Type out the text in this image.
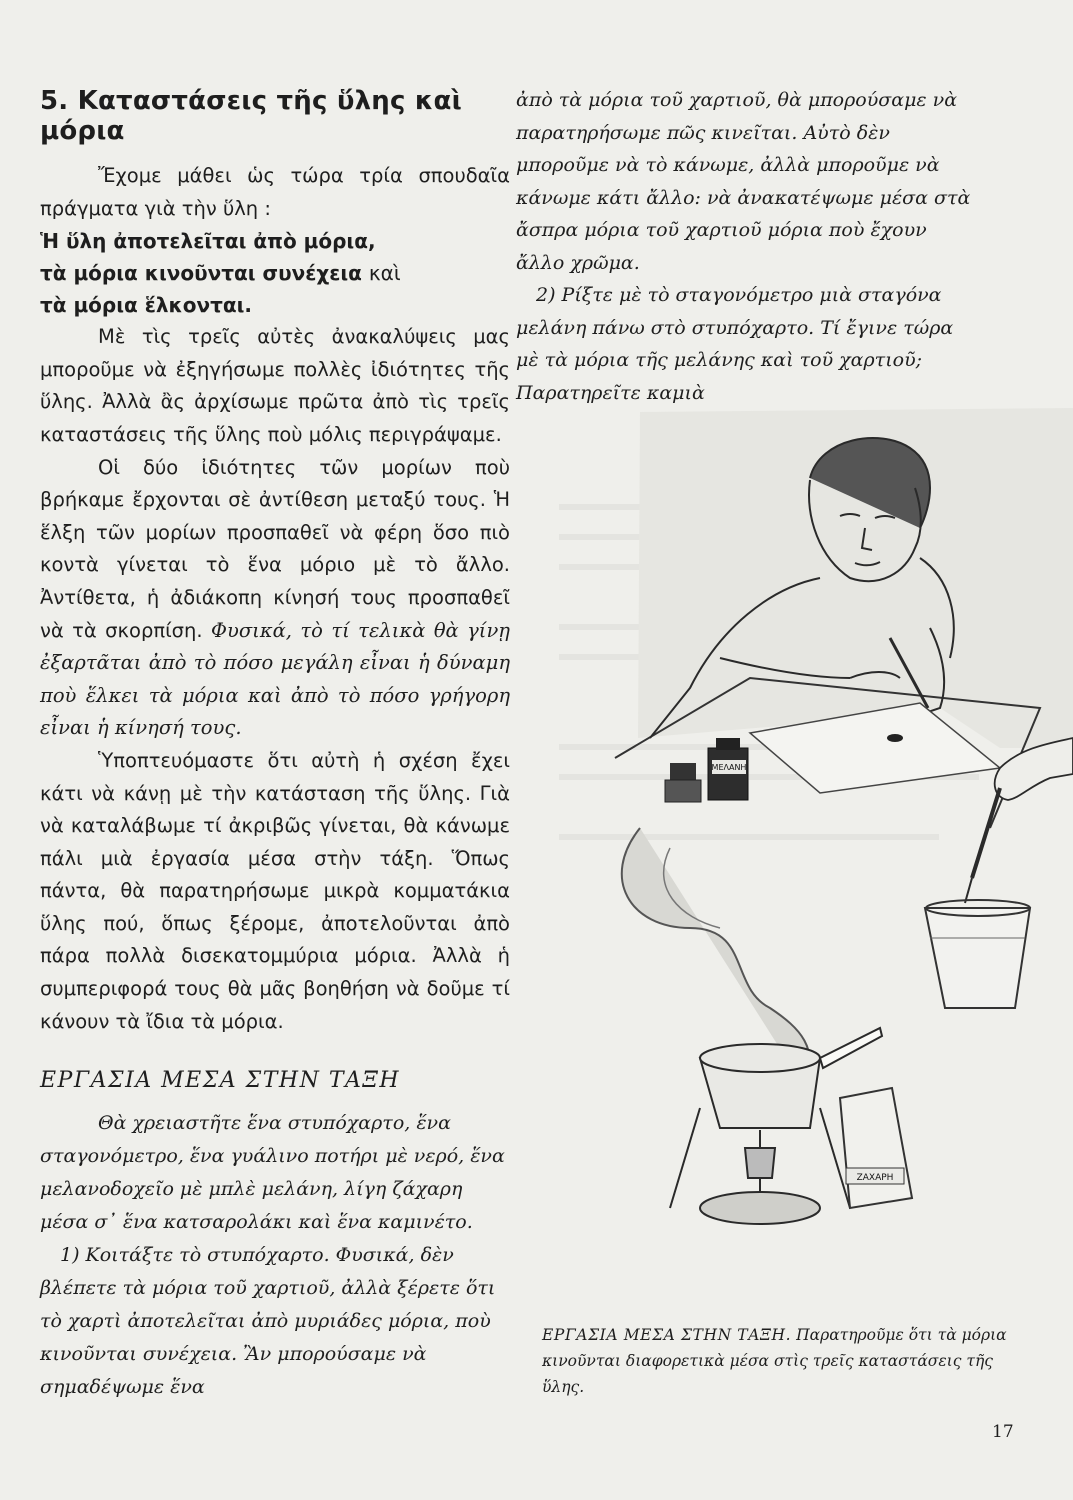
5. Καταστάσεις τῆς ὕλης καὶ μόρια

Ἔχομε μάθει ὡς τώρα τρία σπουδαῖα πράγματα γιὰ τὴν ὕλη :

Ἡ ὕλη ἀποτελεῖται ἀπὸ μόρια,

τὰ μόρια κινοῦνται συνέχεια καὶ

τὰ μόρια ἕλκονται.

Μὲ τὶς τρεῖς αὐτὲς ἀνακαλύψεις μας μποροῦμε νὰ ἐξηγήσωμε πολλὲς ἰδιότητες τῆς ὕλης. Ἀλλὰ ἂς ἀρχίσωμε πρῶτα ἀπὸ τὶς τρεῖς καταστάσεις τῆς ὕλης ποὺ μόλις περιγράψαμε.

Οἱ δύο ἰδιότητες τῶν μορίων ποὺ βρήκαμε ἔρχονται σὲ ἀντίθεση μεταξύ τους. Ἡ ἕλξη τῶν μορίων προσπαθεῖ νὰ φέρη ὅσο πιὸ κοντὰ γίνεται τὸ ἕνα μόριο μὲ τὸ ἄλλο. Ἀντίθετα, ἡ ἀδιάκοπη κίνησή τους προσπαθεῖ νὰ τὰ σκορπίση. Φυσικά, τὸ τί τελικὰ θὰ γίνῃ ἐξαρτᾶται ἀπὸ τὸ πόσο μεγάλη εἶναι ἡ δύναμη ποὺ ἕλκει τὰ μόρια καὶ ἀπὸ τὸ πόσο γρήγορη εἶναι ἡ κίνησή τους.

Ὑποπτευόμαστε ὅτι αὐτὴ ἡ σχέση ἔχει κάτι νὰ κάνῃ μὲ τὴν κατάσταση τῆς ὕλης. Γιὰ νὰ καταλάβωμε τί ἀκριβῶς γίνεται, θὰ κάνωμε πάλι μιὰ ἐργασία μέσα στὴν τάξη. Ὅπως πάντα, θὰ παρατηρήσωμε μικρὰ κομματάκια ὕλης πού, ὅπως ξέρομε, ἀποτελοῦνται ἀπὸ πάρα πολλὰ δισεκατομμύρια μόρια. Ἀλλὰ ἡ συμπεριφορά τους θὰ μᾶς βοηθήση νὰ δοῦμε τί κάνουν τὰ ἴδια τὰ μόρια.

ΕΡΓΑΣΙΑ ΜΕΣΑ ΣΤΗΝ ΤΑΞΗ

Θὰ χρειαστῆτε ἕνα στυπόχαρτο, ἕνα σταγονόμετρο, ἕνα γυάλινο ποτήρι μὲ νερό, ἕνα μελανοδοχεῖο μὲ μπλὲ μελάνη, λίγη ζάχαρη μέσα σ᾽ ἕνα κατσαρολάκι καὶ ἕνα καμινέτο.

1) Κοιτάξτε τὸ στυπόχαρτο. Φυσικά, δὲν βλέπετε τὰ μόρια τοῦ χαρτιοῦ, ἀλλὰ ξέρετε ὅτι τὸ χαρτὶ ἀποτελεῖται ἀπὸ μυριάδες μόρια, ποὺ κινοῦνται συνέχεια. Ἂν μπορούσαμε νὰ σημαδέψωμε ἕνα

ἀπὸ τὰ μόρια τοῦ χαρτιοῦ, θὰ μπορούσαμε νὰ παρατηρήσωμε πῶς κινεῖται. Αὐτὸ δὲν μποροῦμε νὰ τὸ κάνωμε, ἀλλὰ μποροῦμε νὰ κάνωμε κάτι ἄλλο: νὰ ἀνακατέψωμε μέσα στὰ ἄσπρα μόρια τοῦ χαρτιοῦ μόρια ποὺ ἔχουν ἄλλο χρῶμα.

2) Ρίξτε μὲ τὸ σταγονόμετρο μιὰ σταγόνα μελάνη πάνω στὸ στυπόχαρτο. Τί ἔγινε τώρα μὲ τὰ μόρια τῆς μελάνης καὶ τοῦ χαρτιοῦ; Παρατηρεῖτε καμιὰ

ΜΕΛΑΝΗ
ΖΑΧΑΡΗ
ΕΡΓΑΣΙΑ ΜΕΣΑ ΣΤΗΝ ΤΑΞΗ. Παρατηροῦμε ὅτι τὰ μόρια κινοῦνται διαφορετικὰ μέσα στὶς τρεῖς καταστάσεις τῆς ὕλης.
17
